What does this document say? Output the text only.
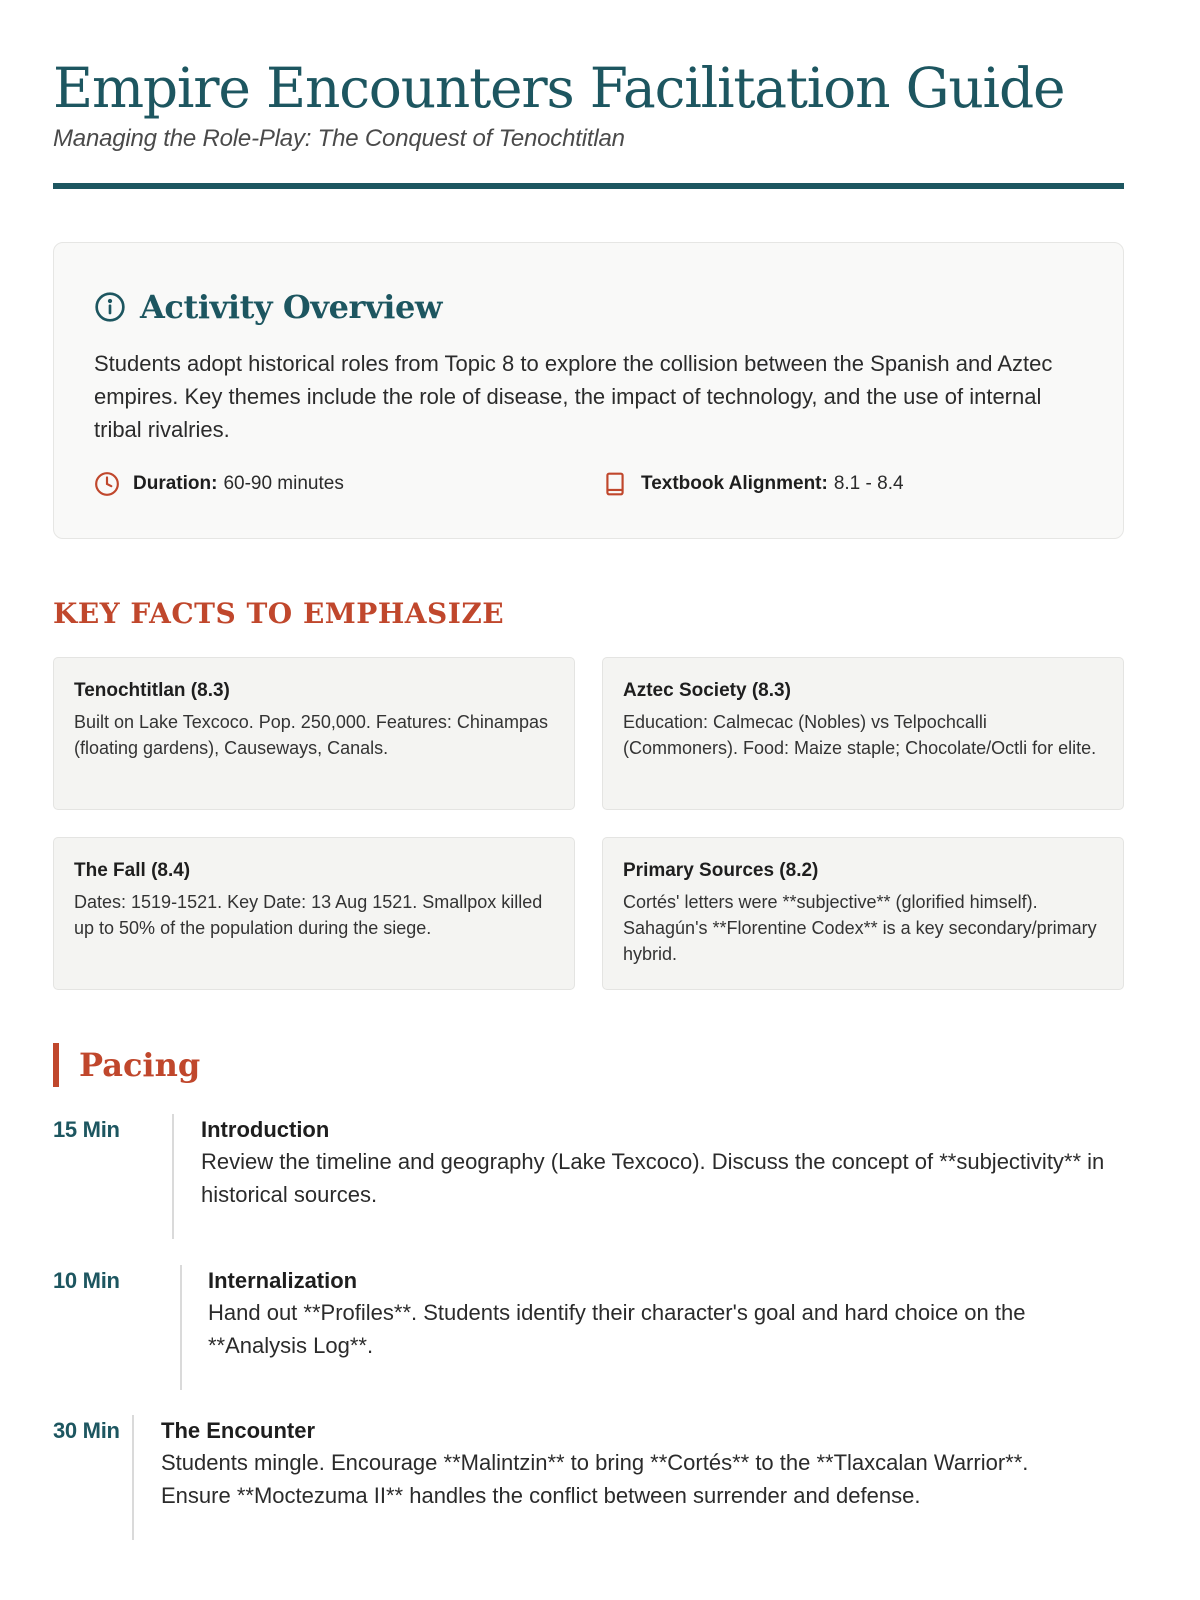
Empire Encounters Facilitation Guide
Managing the Role-Play: The Conquest of Tenochtitlan
Activity Overview

Students adopt historical roles from Topic 8 to explore the collision between the Spanish and Aztec empires. Key themes include the role of disease, the impact of technology, and the use of internal tribal rivalries.

Duration: 60-90 minutes	Textbook Alignment: 8.1 - 8.4
KEY FACTS TO EMPHASIZE
Tenochtitlan (8.3)
Built on Lake Texcoco. Pop. 250,000. Features: Chinampas (floating gardens), Causeways, Canals.
Aztec Society (8.3)
Education: Calmecac (Nobles) vs Telpochcalli (Commoners). Food: Maize staple; Chocolate/Octli for elite.
The Fall (8.4)
Dates: 1519-1521. Key Date: 13 Aug 1521. Smallpox killed up to 50% of the population during the siege.
Primary Sources (8.2)
Cortés' letters were **subjective** (glorified himself). Sahagún's **Florentine Codex** is a key secondary/primary hybrid.
Pacing
15 Min	Introduction
Review the timeline and geography (Lake Texcoco). Discuss the concept of **subjectivity** in historical sources.
10 Min	Internalization
Hand out **Profiles**. Students identify their character's goal and hard choice on the **Analysis Log**.
30 Min	The Encounter
Students mingle. Encourage **Malintzin** to bring **Cortés** to the **Tlaxcalan Warrior**. Ensure **Moctezuma II** handles the conflict between surrender and defense.
